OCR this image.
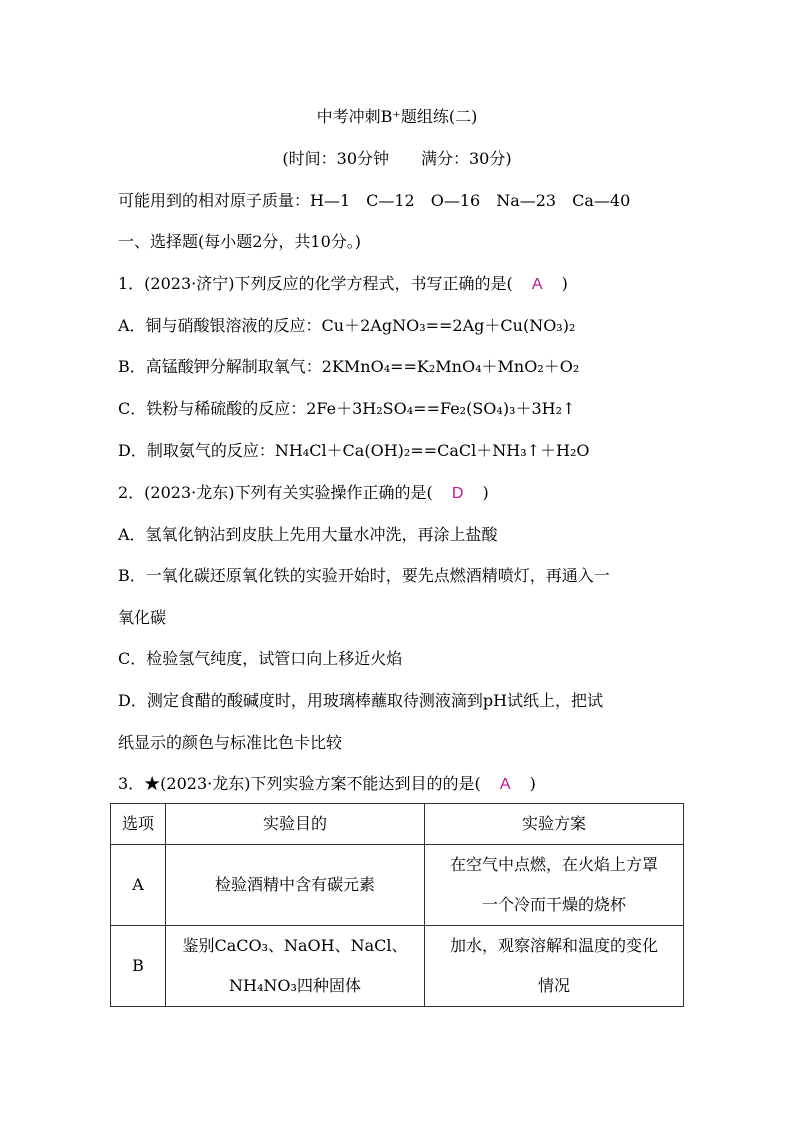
中考冲刺B⁺题组练(二)
(时间：30分钟　　满分：30分)
可能用到的相对原子质量：H—1　C—12　O—16　Na—23　Ca—40
一、选择题(每小题2分，共10分。)
1．(2023·济宁)下列反应的化学方程式，书写正确的是( A )
A．铜与硝酸银溶液的反应：Cu＋2AgNO₃==2Ag＋Cu(NO₃)₂
B．高锰酸钾分解制取氧气：2KMnO₄==K₂MnO₄＋MnO₂＋O₂
C．铁粉与稀硫酸的反应：2Fe＋3H₂SO₄==Fe₂(SO₄)₃＋3H₂↑
D．制取氨气的反应：NH₄Cl＋Ca(OH)₂==CaCl＋NH₃↑＋H₂O
2．(2023·龙东)下列有关实验操作正确的是( D )
A．氢氧化钠沾到皮肤上先用大量水冲洗，再涂上盐酸
B．一氧化碳还原氧化铁的实验开始时，要先点燃酒精喷灯，再通入一
氧化碳
C．检验氢气纯度，试管口向上移近火焰
D．测定食醋的酸碱度时，用玻璃棒蘸取待测液滴到pH试纸上，把试
纸显示的颜色与标准比色卡比较
3．★(2023·龙东)下列实验方案不能达到目的的是( A )
选项	实验目的	实验方案
A	检验酒精中含有碳元素	在空气中点燃，在火焰上方罩
一个冷而干燥的烧杯

B	鉴别CaCO₃、NaOH、NaCl、
NH₄NO₃四种固体	加水，观察溶解和温度的变化
情况
